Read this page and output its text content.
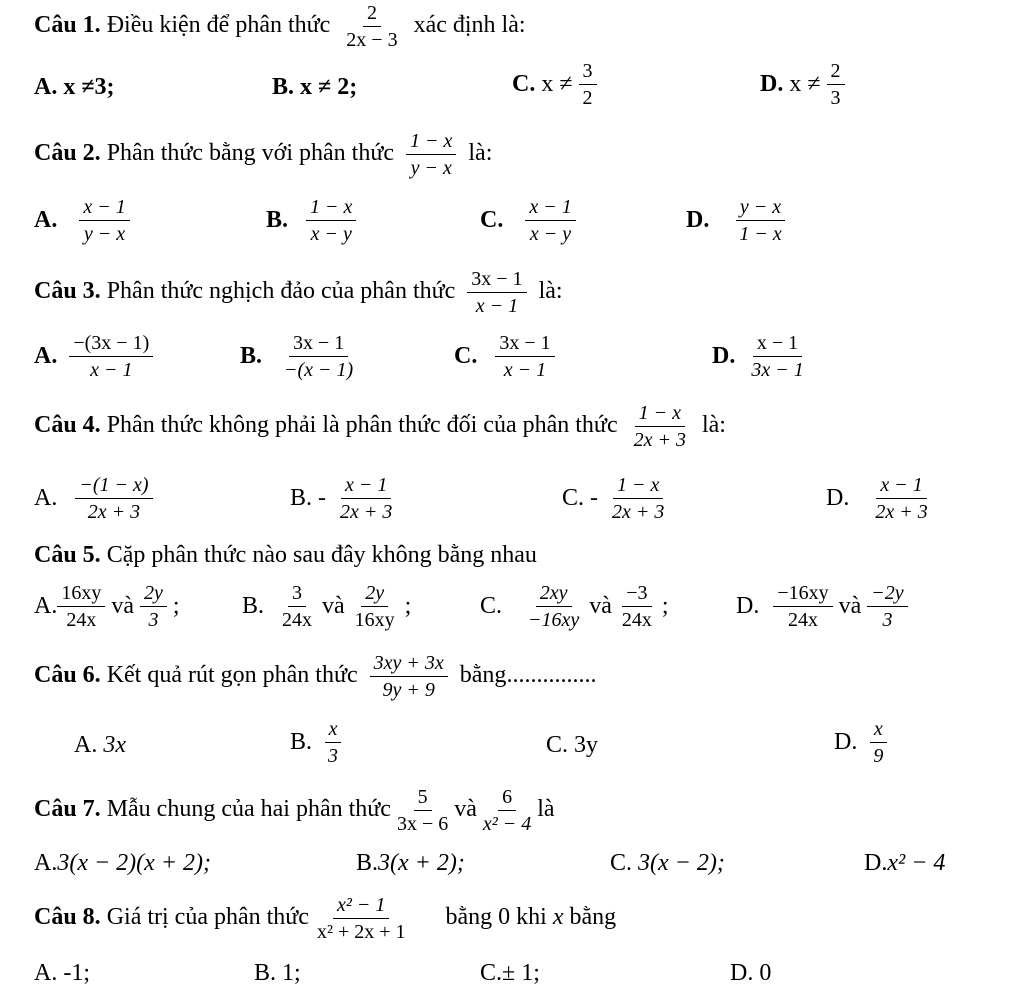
Câu 1. Điều kiện để phân thức $\frac{2}{2x - 3}$ xác định là:
A. x ≠3;	B. x ≠ 2;	C. $x \ne \frac{3}{2}$	D. $x \ne \frac{2}{3}$
Câu 2. Phân thức bằng với phân thức $\frac{1 - x}{y - x}$ là:
A. $\frac{x - 1}{y - x}$	B. $\frac{1 - x}{x - y}$	C. $\frac{x - 1}{x - y}$	D. $\frac{y - x}{1 - x}$
Câu 3. Phân thức nghịch đảo của phân thức $\frac{3x - 1}{x - 1}$ là:
A. $\frac{-(3x - 1)}{x - 1}$	B. $\frac{3x - 1}{-(x - 1)}$	C. $\frac{3x - 1}{x - 1}$	D. $\frac{x - 1}{3x - 1}$
Câu 4. Phân thức không phải là phân thức đối của phân thức $\frac{1 - x}{2x + 3}$ là:
A. $\frac{-(1 - x)}{2x + 3}$	B. - $\frac{x - 1}{2x + 3}$	C. - $\frac{1 - x}{2x + 3}$	D. $\frac{x - 1}{2x + 3}$
Câu 5. Cặp phân thức nào sau đây không bằng nhau
A. $\frac{16xy}{24x}$ và $\frac{2y}{3}$ ;	B. $\frac{3}{24x}$ và $\frac{2y}{16xy}$ ;	C. $\frac{2xy}{-16xy}$ và $\frac{-3}{24x}$ ;	D. $\frac{-16xy}{24x}$ và $\frac{-2y}{3}$
Câu 6. Kết quả rút gọn phân thức $\frac{3xy + 3x}{9y + 9}$ bằng...............
A. 3x	B. $\frac{x}{3}$	C. 3y	D. $\frac{x}{9}$
Câu 7. Mẫu chung của hai phân thức $\frac{5}{3x - 6}$ và $\frac{6}{\text{x² − 4}}$ là
A.3(x − 2)(x + 2);	B.3(x + 2);	C. 3(x − 2);	D.x² − 4
Câu 8. Giá trị của phân thức $\frac{\text{x² − 1}}{\text{x² + 2x + 1}}$ bằng 0 khi x bằng
A. -1;	B. 1;	C.± 1;	D. 0
